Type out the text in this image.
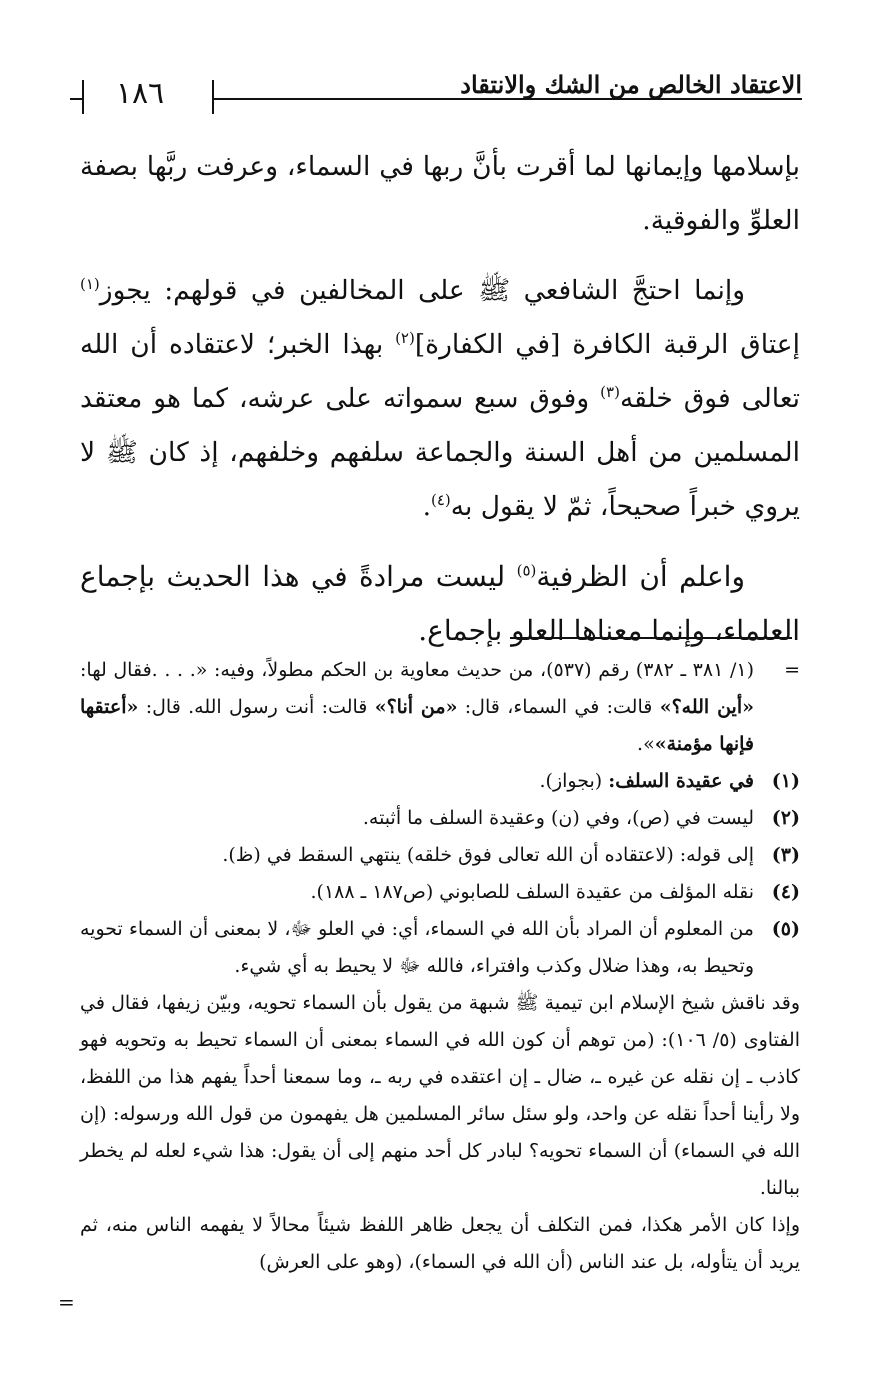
١٨٦	الاعتقاد الخالص من الشك والانتقاد

بإسلامها وإيمانها لما أقرت بأنَّ ربها في السماء، وعرفت ربَّها بصفة العلوِّ والفوقية.

وإنما احتجَّ الشافعي ﷺ على المخالفين في قولهم: يجوز$^{(١)}$ إعتاق الرقبة الكافرة [في الكفارة]$^{(٢)}$ بهذا الخبر؛ لاعتقاده أن الله تعالى فوق خلقه$^{(٣)}$ وفوق سبع سمواته على عرشه، كما هو معتقد المسلمين من أهل السنة والجماعة سلفهم وخلفهم، إذ كان ﷺ لا يروي خبراً صحيحاً، ثمّ لا يقول به$^{(٤)}$.

واعلم أن الظرفية$^{(٥)}$ ليست مرادةً في هذا الحديث بإجماع العلماء، وإنما معناها العلو بإجماع.

=
(١/ ٣٨١ ـ ٣٨٢) رقم (٥٣٧)، من حديث معاوية بن الحكم مطولاً، وفيه: «. . . .فقال لها: «أين الله؟» قالت: في السماء، قال: «من أنا؟» قالت: أنت رسول الله. قال: «أعتقها فإنها مؤمنة»».
(١)
في عقيدة السلف: (بجواز).
(٢)
ليست في (ص)، وفي (ن) وعقيدة السلف ما أثبته.
(٣)
إلى قوله: (لاعتقاده أن الله تعالى فوق خلقه) ينتهي السقط في (ظ).
(٤)
نقله المؤلف من عقيدة السلف للصابوني (ص١٨٧ ـ ١٨٨).
(٥)
من المعلوم أن المراد بأن الله في السماء، أي: في العلو ﷻ، لا بمعنى أن السماء تحويه وتحيط به، وهذا ضلال وكذب وافتراء، فالله ﷻ لا يحيط به أي شيء.
وقد ناقش شيخ الإسلام ابن تيمية ﷺ شبهة من يقول بأن السماء تحويه، وبيّن زيفها، فقال في الفتاوى (٥/ ١٠٦): (من توهم أن كون الله في السماء بمعنى أن السماء تحيط به وتحويه فهو كاذب ـ إن نقله عن غيره ـ، ضال ـ إن اعتقده في ربه ـ، وما سمعنا أحداً يفهم هذا من اللفظ، ولا رأينا أحداً نقله عن واحد، ولو سئل سائر المسلمين هل يفهمون من قول الله ورسوله: (إن الله في السماء) أن السماء تحويه؟ لبادر كل أحد منهم إلى أن يقول: هذا شيء لعله لم يخطر ببالنا.
وإذا كان الأمر هكذا، فمن التكلف أن يجعل ظاهر اللفظ شيئاً محالاً لا يفهمه الناس منه، ثم يريد أن يتأوله، بل عند الناس (أن الله في السماء)، (وهو على العرش)
=
